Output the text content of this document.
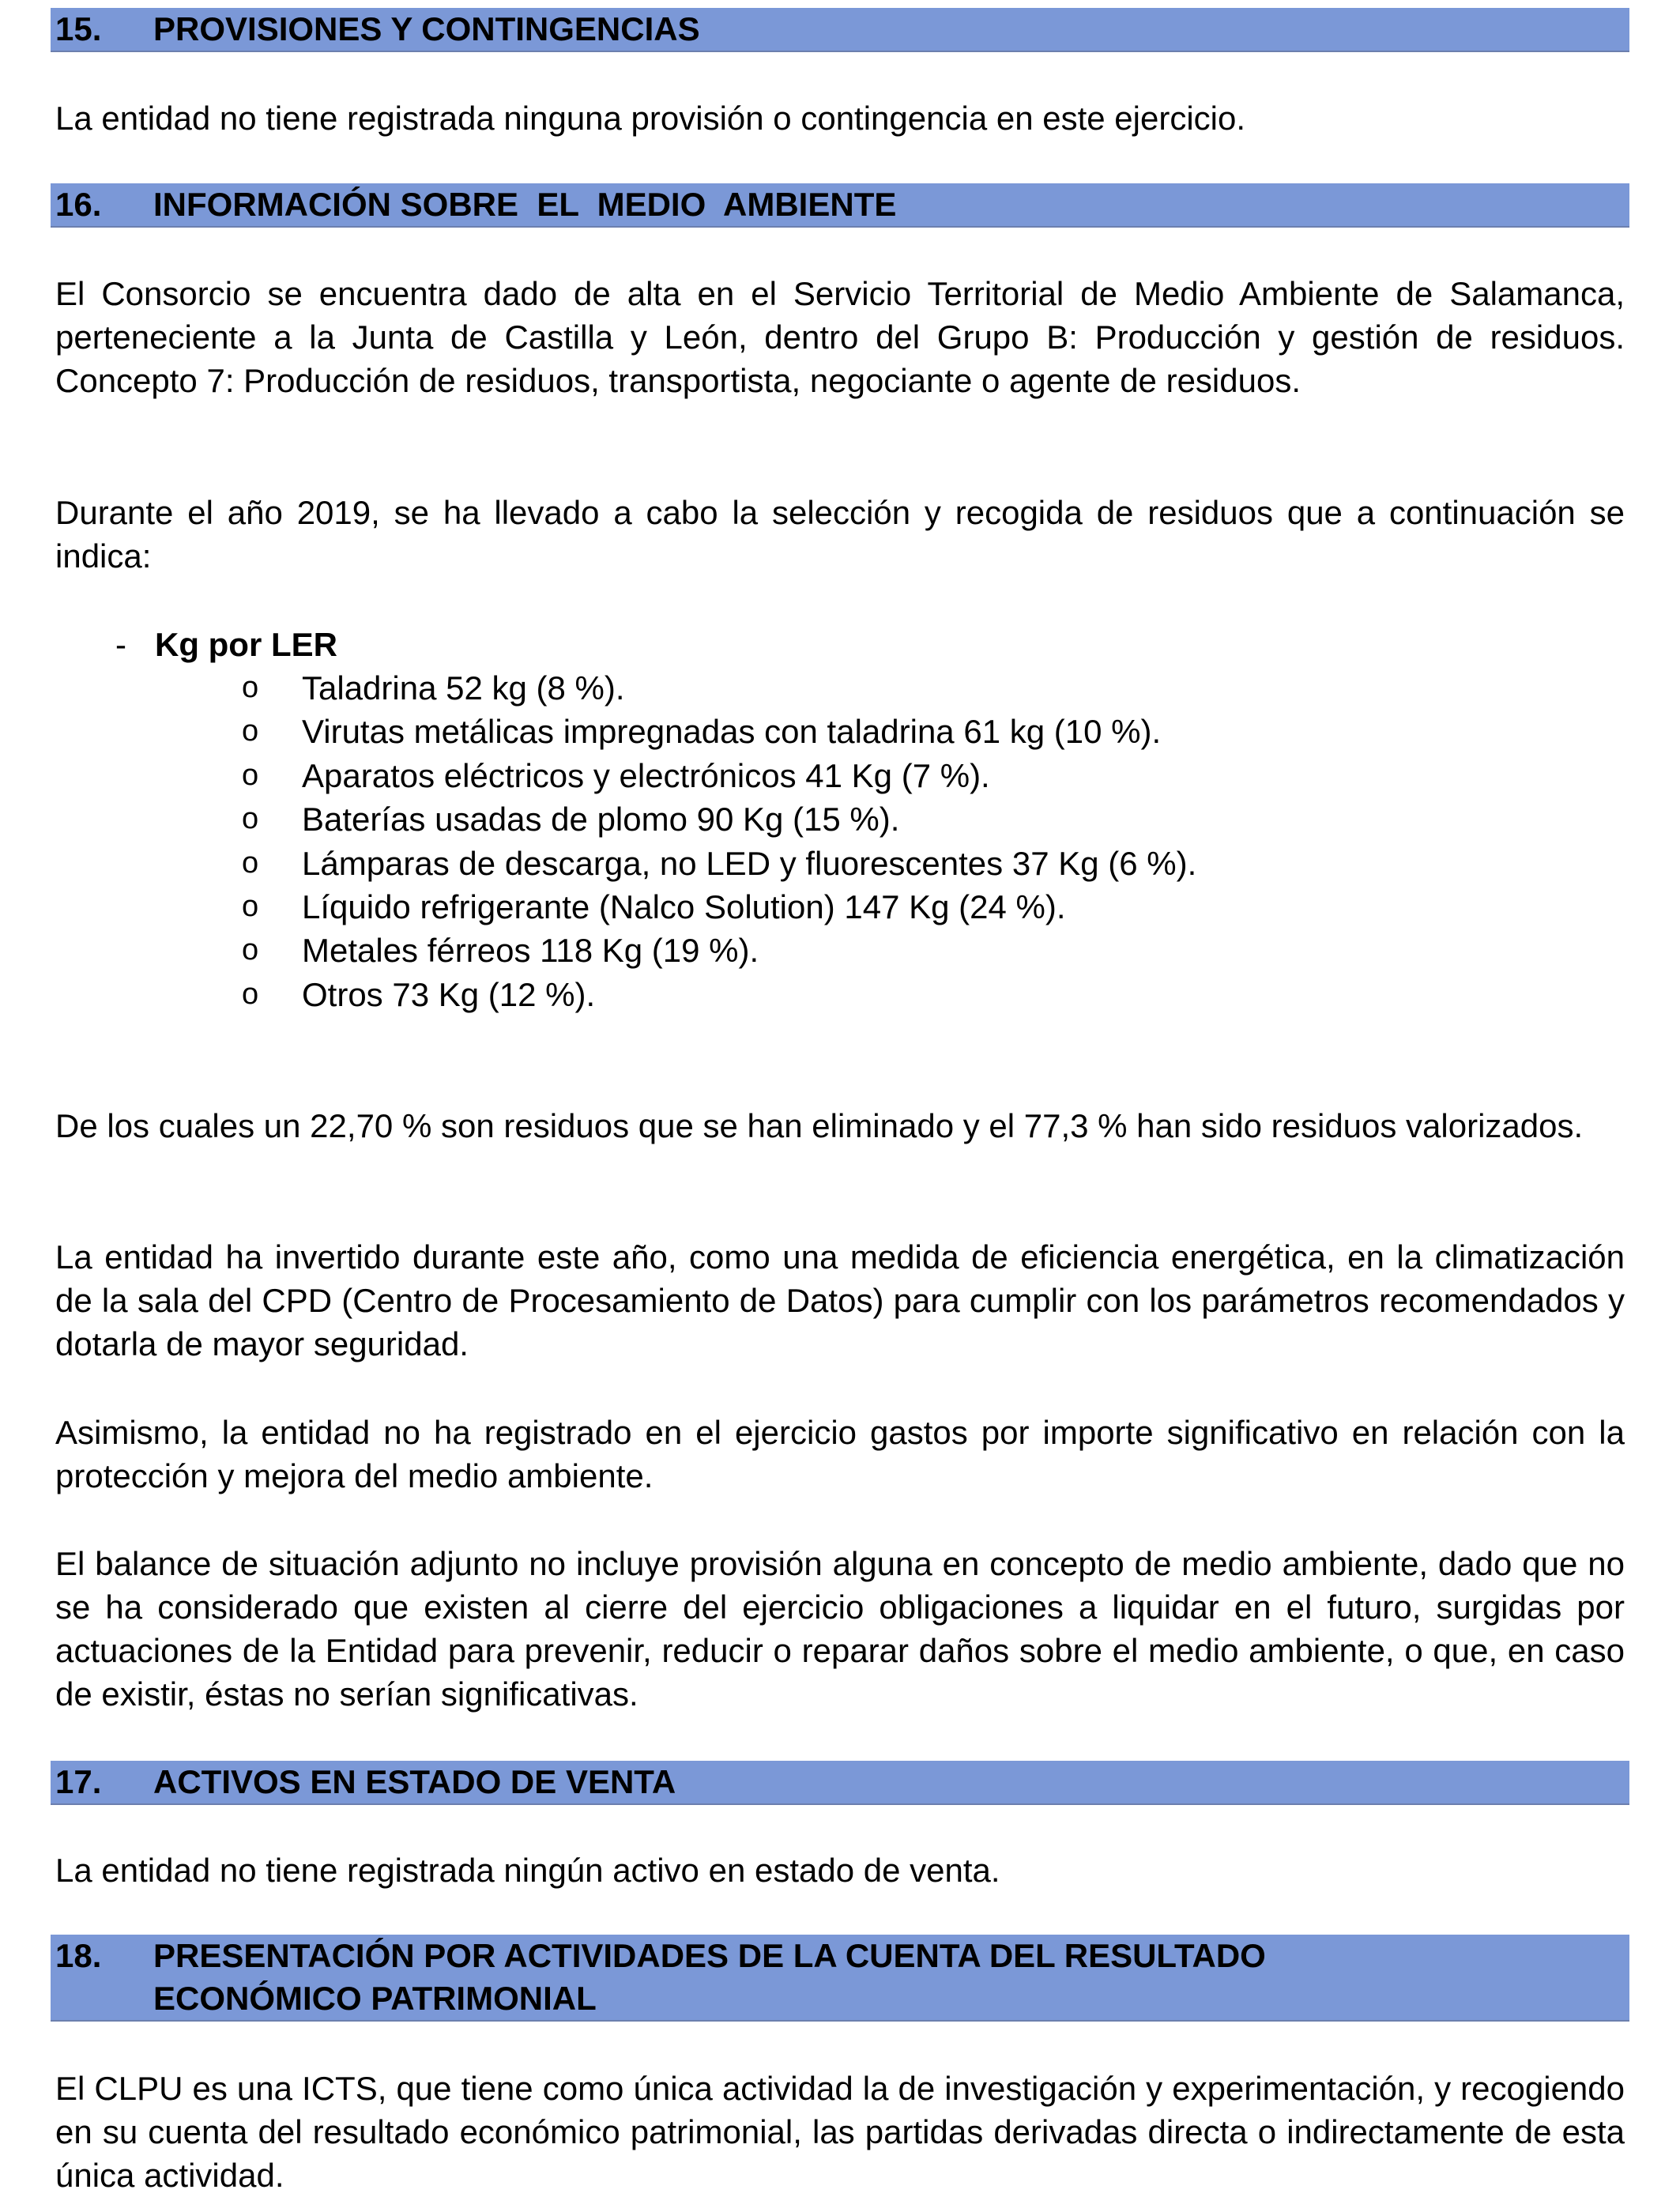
15.	PROVISIONES Y CONTINGENCIAS

La entidad no tiene registrada ninguna provisión o contingencia en este ejercicio.

16.	INFORMACIÓN SOBRE  EL  MEDIO  AMBIENTE

El Consorcio se encuentra dado de alta en el Servicio Territorial de Medio Ambiente de Salamanca, perteneciente a la Junta de Castilla y León, dentro del Grupo B: Producción y gestión de residuos. Concepto 7: Producción de residuos, transportista, negociante o agente de residuos.

Durante el año 2019, se ha llevado a cabo la selección y recogida de residuos que a continuación se indica:

- Kg por LER
o	Taladrina 52 kg (8 %).
o	Virutas metálicas impregnadas con taladrina 61 kg (10 %).
o	Aparatos eléctricos y electrónicos 41 Kg (7 %).
o	Baterías usadas de plomo 90 Kg (15 %).
o	Lámparas de descarga, no LED y fluorescentes 37 Kg (6 %).
o	Líquido refrigerante (Nalco Solution) 147 Kg (24 %).
o	Metales férreos 118 Kg (19 %).
o	Otros 73 Kg (12 %).

De los cuales un 22,70 % son residuos que se han eliminado y el 77,3 % han sido residuos valorizados.

La entidad ha invertido durante este año, como una medida de eficiencia energética, en la climatización de la sala del CPD (Centro de Procesamiento de Datos) para cumplir con los parámetros recomendados y dotarla de mayor seguridad.

Asimismo, la entidad no ha registrado en el ejercicio gastos por importe significativo en relación con la protección y mejora del medio ambiente.

El balance de situación adjunto no incluye provisión alguna en concepto de medio ambiente, dado que no se ha considerado que existen al cierre del ejercicio obligaciones a liquidar en el futuro, surgidas por actuaciones de la Entidad para prevenir, reducir o reparar daños sobre el medio ambiente, o que, en caso de existir, éstas no serían significativas.

17.	ACTIVOS EN ESTADO DE VENTA

La entidad no tiene registrada ningún activo en estado de venta.

18.	PRESENTACIÓN POR ACTIVIDADES DE LA CUENTA DEL RESULTADO
ECONÓMICO PATRIMONIAL

El CLPU es una ICTS, que tiene como única actividad la de investigación y experimentación, y recogiendo en su cuenta del resultado económico patrimonial, las partidas derivadas directa o indirectamente de esta única actividad.
